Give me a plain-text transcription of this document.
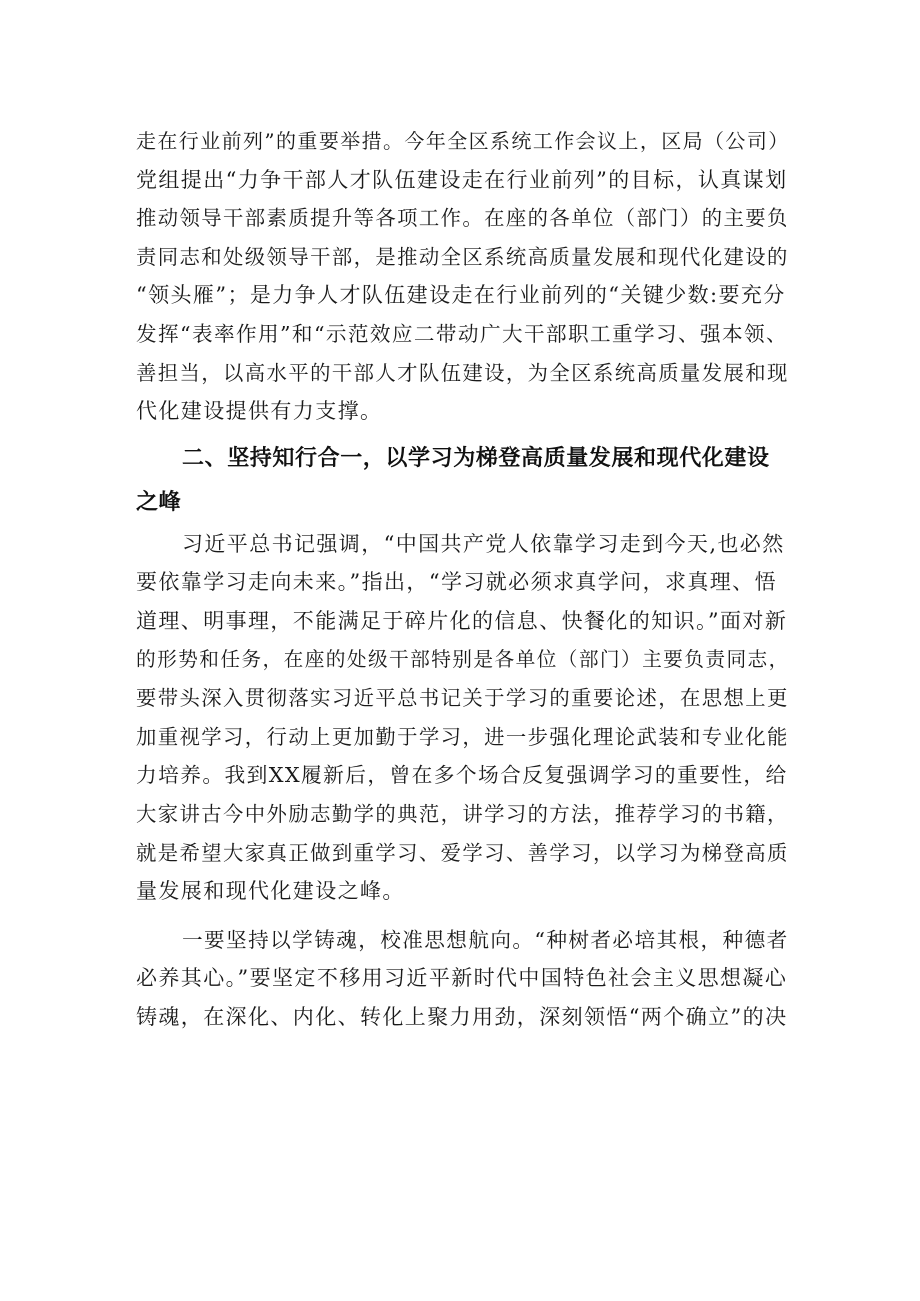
走在行业前列”的重要举措。今年全区系统工作会议上，区局（公司）
党组提出“力争干部人才队伍建设走在行业前列”的目标，认真谋划
推动领导干部素质提升等各项工作。在座的各单位（部门）的主要负
责同志和处级领导干部，是推动全区系统高质量发展和现代化建设的
“领头雁”；是力争人才队伍建设走在行业前列的“关键少数:要充分
发挥“表率作用”和“示范效应二带动广大干部职工重学习、强本领、
善担当，以高水平的干部人才队伍建设，为全区系统高质量发展和现
代化建设提供有力支撑。

二、坚持知行合一，以学习为梯登高质量发展和现代化建设
之峰

习近平总书记强调，“中国共产党人依靠学习走到今天,也必然
要依靠学习走向未来。”指出，“学习就必须求真学问，求真理、悟
道理、明事理，不能满足于碎片化的信息、快餐化的知识。”面对新
的形势和任务，在座的处级干部特别是各单位（部门）主要负责同志，
要带头深入贯彻落实习近平总书记关于学习的重要论述，在思想上更
加重视学习，行动上更加勤于学习，进一步强化理论武装和专业化能
力培养。我到XX履新后，曾在多个场合反复强调学习的重要性，给
大家讲古今中外励志勤学的典范，讲学习的方法，推荐学习的书籍，
就是希望大家真正做到重学习、爱学习、善学习，以学习为梯登高质
量发展和现代化建设之峰。

一要坚持以学铸魂，校准思想航向。“种树者必培其根，种德者
必养其心。”要坚定不移用习近平新时代中国特色社会主义思想凝心
铸魂，在深化、内化、转化上聚力用劲，深刻领悟“两个确立”的决
